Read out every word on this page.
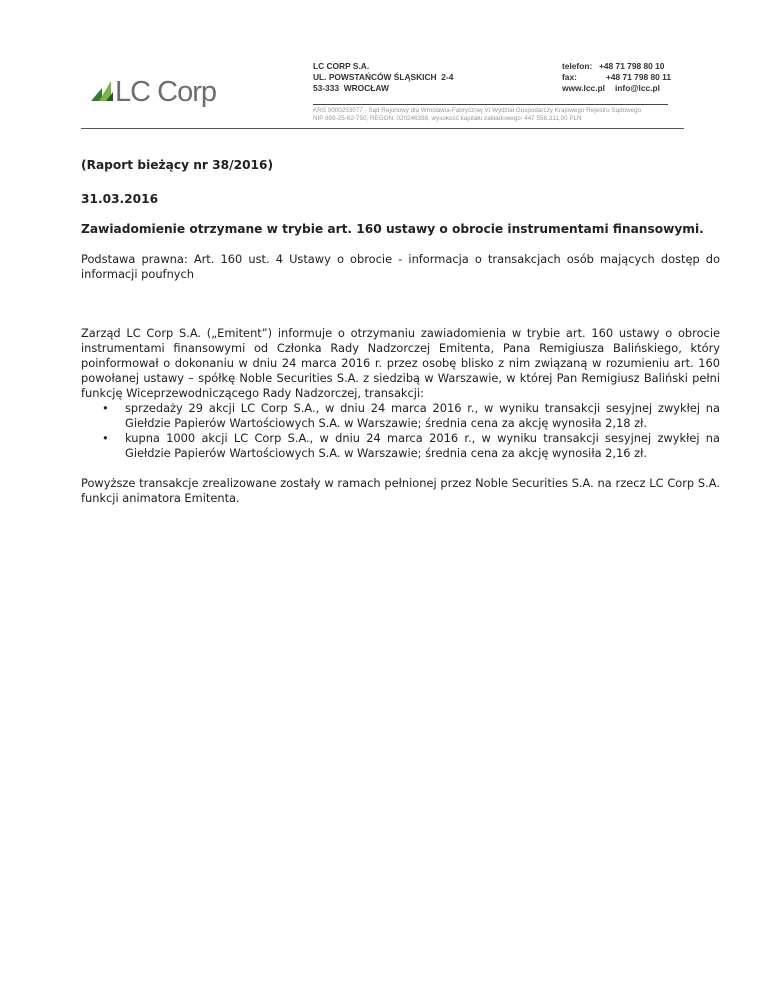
LC Corp
LC CORP S.A.
UL. POWSTAŃCÓW ŚLĄSKICH  2-4
53-333  WROCŁAW
telefon: +48 71 798 80 10
fax:	+48 71 798 80 11
www.lcc.pl info@lcc.pl
KRS 0000253077 - Sąd Rejonowy dla Wrocławia-Fabrycznej VI Wydział Gospodarczy Krajowego Rejestru Sądowego
NIP 899-25-62-750, REGON: 020246398, wysokość kapitału zakładowego: 447 558.311,00 PLN

(Raport bieżący nr 38/2016)

31.03.2016

Zawiadomienie otrzymane w trybie art. 160 ustawy o obrocie instrumentami finansowymi.

Podstawa prawna: Art. 160 ust. 4 Ustawy o obrocie - informacja o transakcjach osób mających dostęp do informacji poufnych

Zarząd LC Corp S.A. („Emitent”) informuje o otrzymaniu zawiadomienia w trybie art. 160 ustawy o obrocie instrumentami finansowymi od Członka Rady Nadzorczej Emitenta, Pana Remigiusza Balińskiego, który poinformował o dokonaniu w dniu 24 marca 2016 r. przez osobę blisko z nim związaną w rozumieniu art. 160 powołanej ustawy – spółkę Noble Securities S.A. z siedzibą w Warszawie, w której Pan Remigiusz Baliński pełni funkcję Wiceprzewodniczącego Rady Nadzorczej, transakcji:

• sprzedaży 29 akcji LC Corp S.A., w dniu 24 marca 2016 r., w wyniku transakcji sesyjnej zwykłej na Giełdzie Papierów Wartościowych S.A. w Warszawie; średnia cena za akcję wynosiła 2,18 zł.
• kupna 1000 akcji LC Corp S.A., w dniu 24 marca 2016 r., w wyniku transakcji sesyjnej zwykłej na Giełdzie Papierów Wartościowych S.A. w Warszawie; średnia cena za akcję wynosiła 2,16 zł.

Powyższe transakcje zrealizowane zostały w ramach pełnionej przez Noble Securities S.A. na rzecz LC Corp S.A. funkcji animatora Emitenta.
